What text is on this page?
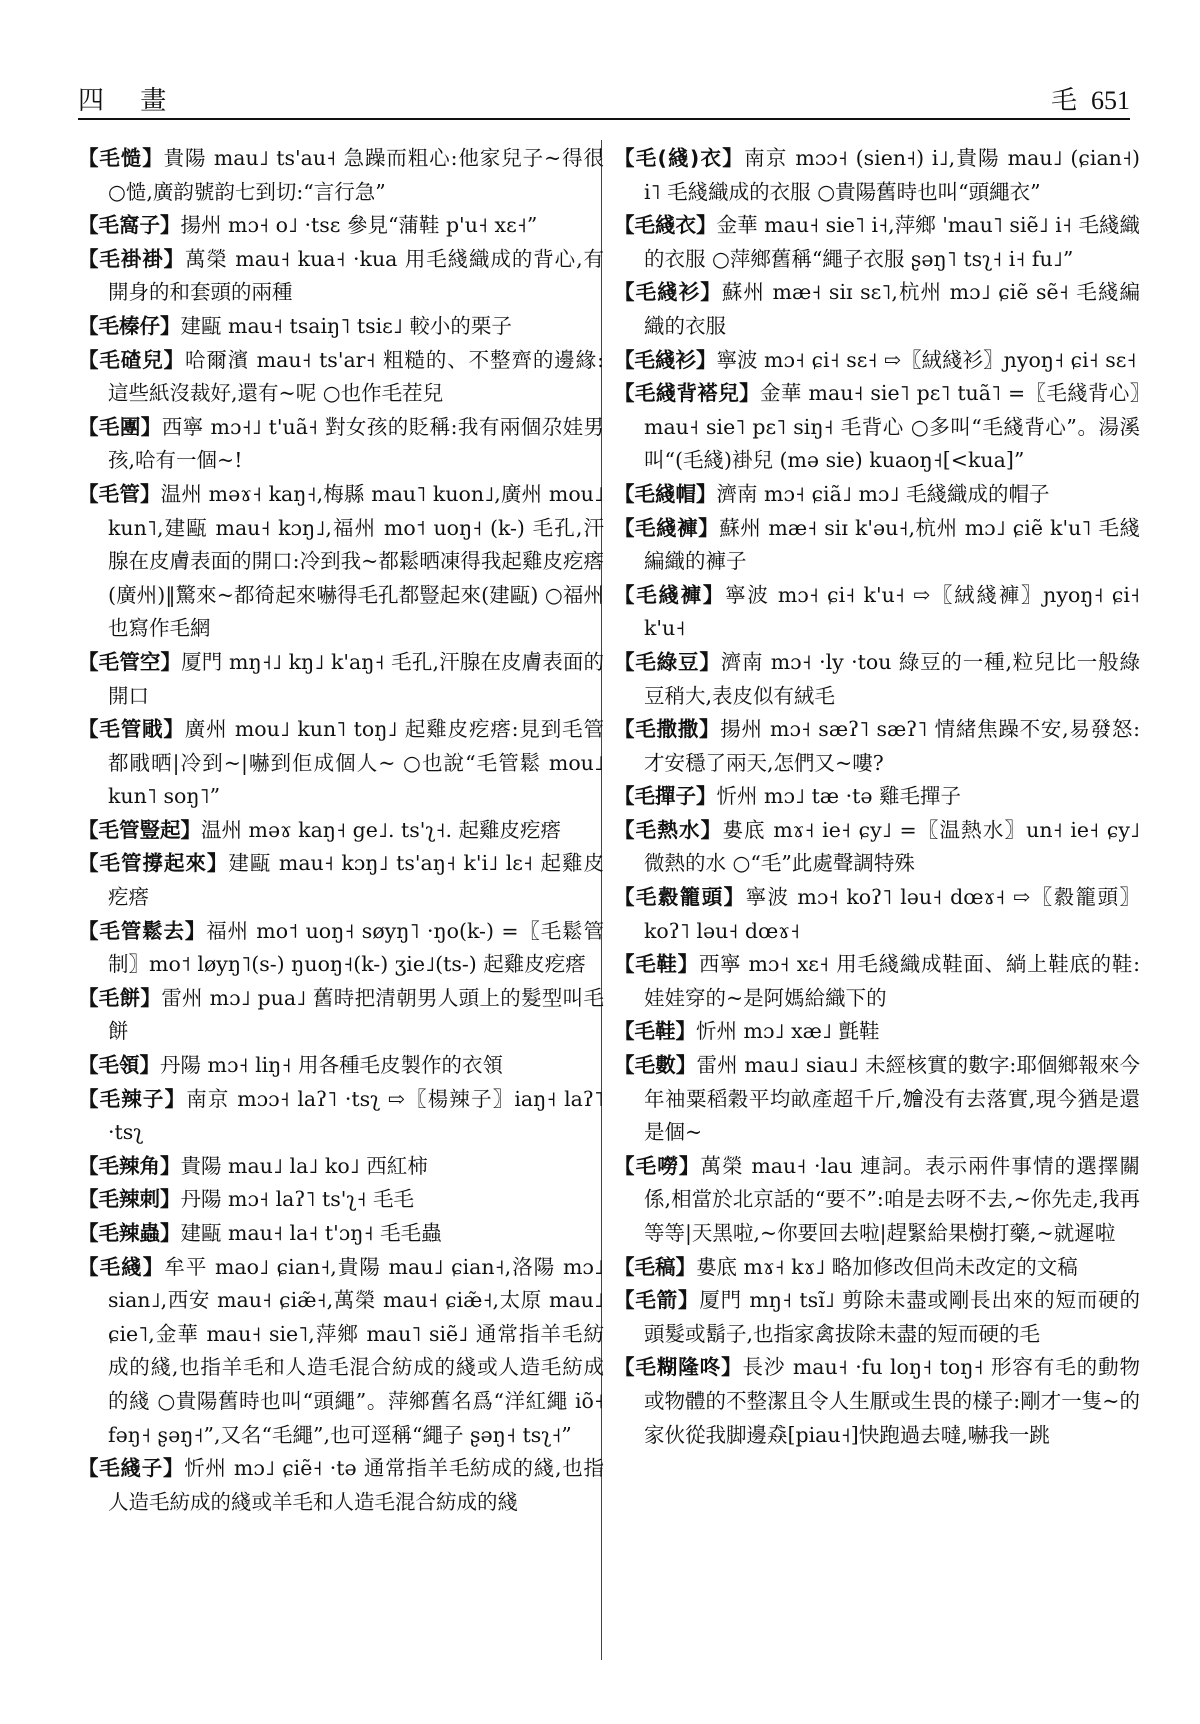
四 畫	毛 651
【毛慥】貴陽 mau˩ ts'au˧ 急躁而粗心:他家兒子~得很 ○慥,廣韵號韵七到切:“言行急”
【毛窩子】揚州 mɔ˧ o˩ ·tsɛ 參見“蒲鞋 p'u˧ xɛ˧”
【毛褂褂】萬榮 mau˧ kua˧ ·kua 用毛綫織成的背心,有開身的和套頭的兩種
【毛榛仔】建甌 mau˧ tsaiŋ˥ tsiɛ˩ 較小的栗子
【毛碴兒】哈爾濱 mau˧ ts'ar˧ 粗糙的、不整齊的邊緣:這些紙沒裁好,還有~呢 ○也作毛茬兒
【毛團】西寧 mɔ˧˩ t'uã˧ 對女孩的貶稱:我有兩個尕娃男孩,哈有一個~!
【毛管】温州 məɤ˧ kaŋ˧,梅縣 mau˥ kuon˩,廣州 mou˩ kun˥,建甌 mau˧ kɔŋ˩,福州 mo˦ uoŋ˧ (k-) 毛孔,汗腺在皮膚表面的開口:冷到我~都鬆晒凍得我起雞皮疙瘩(廣州)‖驚來~都徛起來嚇得毛孔都豎起來(建甌) ○福州也寫作毛網
【毛管空】厦門 mŋ˧˩ kŋ˩ k'aŋ˧ 毛孔,汗腺在皮膚表面的開口
【毛管戙】廣州 mou˩ kun˥ toŋ˩ 起雞皮疙瘩:見到毛管都戙晒|冷到~|嚇到佢成個人~ ○也說“毛管鬆 mou˩ kun˥ soŋ˥”
【毛管豎起】温州 məɤ kaŋ˧ ge˩. ts'ʅ˧. 起雞皮疙瘩
【毛管撐起來】建甌 mau˧ kɔŋ˩ ts'aŋ˧ k'i˩ lɛ˧ 起雞皮疙瘩
【毛管鬆去】福州 mo˦ uoŋ˧ søyŋ˥ ·ŋo(k-) =〖毛鬆管制〗mo˦ løyŋ˥(s-) ŋuoŋ˧(k-) ʒie˩(ts-) 起雞皮疙瘩
【毛餅】雷州 mɔ˩ pua˩ 舊時把清朝男人頭上的髮型叫毛餅
【毛領】丹陽 mɔ˧ liŋ˧ 用各種毛皮製作的衣領
【毛辣子】南京 mɔɔ˧ laʔ˥ ·tsʅ ⇨〖楊辣子〗iaŋ˧ laʔ˥ ·tsʅ
【毛辣角】貴陽 mau˩ la˩ ko˩ 西紅柿
【毛辣刺】丹陽 mɔ˧ laʔ˥ ts'ʅ˧ 毛毛
【毛辣蟲】建甌 mau˧ la˧ t'ɔŋ˧ 毛毛蟲
【毛綫】牟平 mao˩ ɕian˧,貴陽 mau˩ ɕian˧,洛陽 mɔ˩ sian˩,西安 mau˧ ɕiæ̃˧,萬榮 mau˧ ɕiæ̃˧,太原 mau˩ ɕie˥,金華 mau˧ sie˥,萍鄉 mau˥ siẽ˩ 通常指羊毛紡成的綫,也指羊毛和人造毛混合紡成的綫或人造毛紡成的綫 ○貴陽舊時也叫“頭繩”。萍鄉舊名爲“洋紅繩 iõ˧ fəŋ˧ ʂəŋ˧”,又名“毛繩”,也可逕稱“繩子 ʂəŋ˧ tsʅ˧”
【毛綫子】忻州 mɔ˩ ɕiẽ˧ ·tə 通常指羊毛紡成的綫,也指人造毛紡成的綫或羊毛和人造毛混合紡成的綫
【毛(綫)衣】南京 mɔɔ˧ (sien˧) i˩,貴陽 mau˩ (ɕian˧) i˥ 毛綫織成的衣服 ○貴陽舊時也叫“頭繩衣”
【毛綫衣】金華 mau˧ sie˥ i˧,萍鄉 'mau˥ siẽ˩ i˧ 毛綫織的衣服 ○萍鄉舊稱“繩子衣服 ʂəŋ˥ tsʅ˧ i˧ fu˩”
【毛綫衫】蘇州 mæ˧ siɪ sɛ˥,杭州 mɔ˩ ɕiẽ sẽ˧ 毛綫編織的衣服
【毛綫衫】寧波 mɔ˧ ɕi˧ sɛ˧ ⇨〖絨綫衫〗ɲyoŋ˧ ɕi˧ sɛ˧
【毛綫背褡兒】金華 mau˧ sie˥ pɛ˥ tuã˥ =〖毛綫背心〗mau˧ sie˥ pɛ˥ siŋ˧ 毛背心 ○多叫“毛綫背心”。湯溪叫“(毛綫)褂兒 (mə sie) kuaoŋ˧[<kua]”
【毛綫帽】濟南 mɔ˧ ɕiã˩ mɔ˩ 毛綫織成的帽子
【毛綫褲】蘇州 mæ˧ siɪ k'əu˧,杭州 mɔ˩ ɕiẽ k'u˥ 毛綫編織的褲子
【毛綫褲】寧波 mɔ˧ ɕi˧ k'u˧ ⇨〖絨綫褲〗ɲyoŋ˧ ɕi˧ k'u˧
【毛綠豆】濟南 mɔ˧ ·ly ·tou 綠豆的一種,粒兒比一般綠豆稍大,表皮似有絨毛
【毛撒撒】揚州 mɔ˧ sæʔ˥ sæʔ˥ 情緒焦躁不安,易發怒:才安穩了兩天,怎們又~嘍?
【毛撣子】忻州 mɔ˩ tæ ·tə 雞毛撣子
【毛熱水】婁底 mɤ˧ ie˧ ɕy˩ =〖温熱水〗un˧ ie˧ ɕy˩ 微熱的水 ○“毛”此處聲調特殊
【毛縠籠頭】寧波 mɔ˧ koʔ˥ ləu˧ dœɤ˧ ⇨〖縠籠頭〗koʔ˥ ləu˧ dœɤ˧
【毛鞋】西寧 mɔ˧ xɛ˧ 用毛綫織成鞋面、緔上鞋底的鞋:娃娃穿的~是阿媽給織下的
【毛鞋】忻州 mɔ˩ xæ˩ 氈鞋
【毛數】雷州 mau˩ siau˩ 未經核實的數字:耶個鄉報來今年䄂粟稻穀平均畝產超千斤,𣍐没有去落實,現今猶是還是個~
【毛嘮】萬榮 mau˧ ·lau 連詞。表示兩件事情的選擇關係,相當於北京話的“要不”:咱是去呀不去,~你先走,我再等等|天黑啦,~你要回去啦|趕緊給果樹打藥,~就遲啦
【毛稿】婁底 mɤ˧ kɤ˩ 略加修改但尚未改定的文稿
【毛箭】厦門 mŋ˧ tsĩ˩ 剪除未盡或剛長出來的短而硬的頭髮或鬍子,也指家禽拔除未盡的短而硬的毛
【毛糊隆咚】長沙 mau˧ ·fu loŋ˧ toŋ˧ 形容有毛的動物或物體的不整潔且令人生厭或生畏的樣子:剛才一隻~的家伙從我脚邊猋[piau˧]快跑過去噠,嚇我一跳
